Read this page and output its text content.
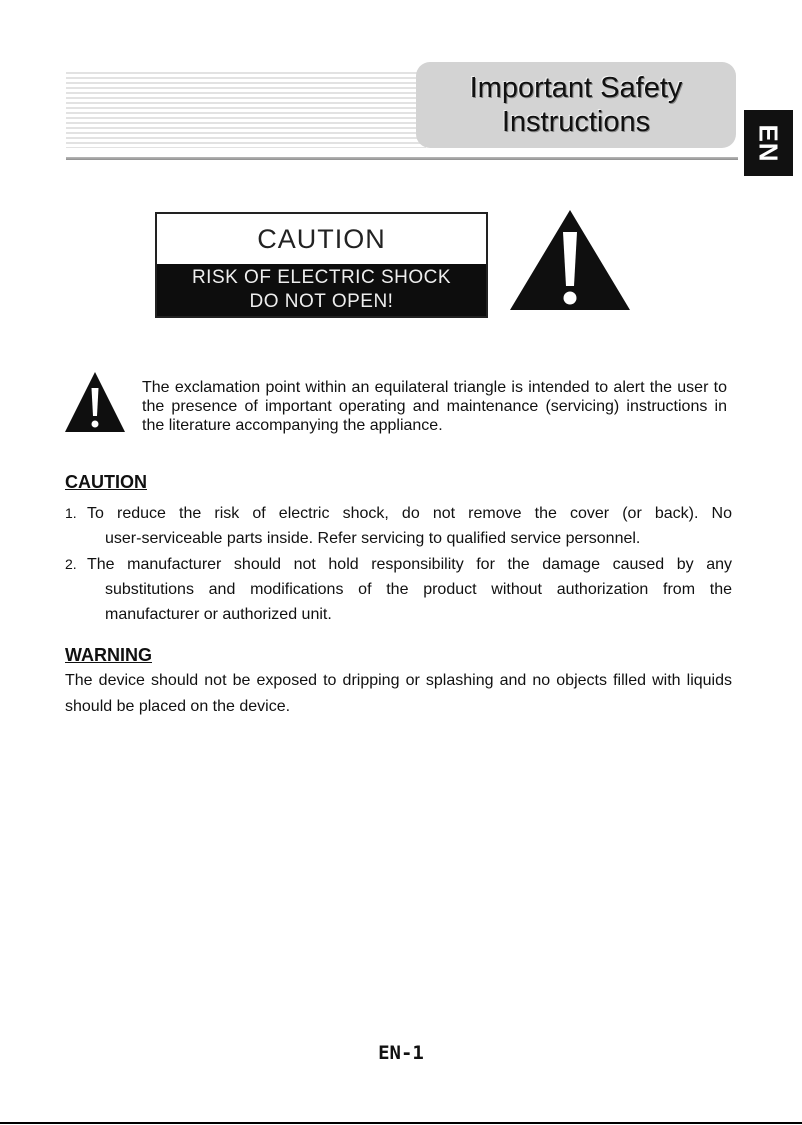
Important Safety
Instructions
EN
CAUTION
RISK OF ELECTRIC SHOCK
DO NOT OPEN!
The exclamation point within an equilateral triangle is intended to alert the user to the presence of important operating and maintenance (servicing) instructions in the literature accompanying the appliance.
CAUTION
1. To reduce the risk of electric shock, do not remove the cover (or back). No
user-serviceable parts inside. Refer servicing to qualified service personnel.
2. The manufacturer should not hold responsibility for the damage caused by any
substitutions and modifications of the product without authorization from the
manufacturer or authorized unit.
WARNING
The device should not be exposed to dripping or splashing and no objects filled with liquids should be placed on the device.
EN-1
